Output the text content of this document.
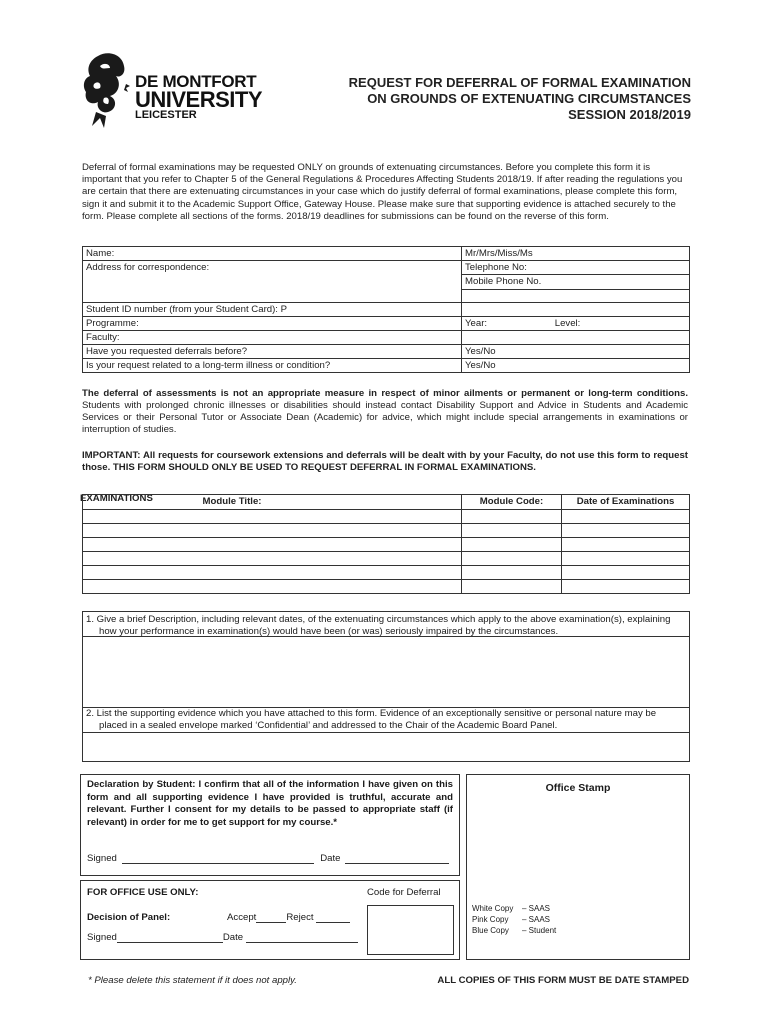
DE MONTFORT
UNIVERSITY
LEICESTER
REQUEST FOR DEFERRAL OF FORMAL EXAMINATION
ON GROUNDS OF EXTENUATING CIRCUMSTANCES
SESSION 2018/2019
Deferral of formal examinations may be requested ONLY on grounds of extenuating circumstances. Before you complete this form it is important that you refer to Chapter 5 of the General Regulations & Procedures Affecting Students 2018/19. If after reading the regulations you are certain that there are extenuating circumstances in your case which do justify deferral of formal examinations, please complete this form, sign it and submit it to the Academic Support Office, Gateway House. Please make sure that supporting evidence is attached securely to the form. Please complete all sections of the forms. 2018/19 deadlines for submissions can be found on the reverse of this form.
Name:	Mr/Mrs/Miss/Ms
Address for correspondence:	Telephone No:
	Mobile Phone No.

Student ID number (from your Student Card): P	
Programme:	Year: Level:
Faculty:	
Have you requested deferrals before?	Yes/No
Is your request related to a long-term illness or condition?	Yes/No
The deferral of assessments is not an appropriate measure in respect of minor ailments or permanent or long-term conditions. Students with prolonged chronic illnesses or disabilities should instead contact Disability Support and Advice in Students and Academic Services or their Personal Tutor or Associate Dean (Academic) for advice, which might include special arrangements in examinations or interruption of studies.
IMPORTANT: All requests for coursework extensions and deferrals will be dealt with by your Faculty, do not use this form to request those. THIS FORM SHOULD ONLY BE USED TO REQUEST DEFERRAL IN FORMAL EXAMINATIONS.
EXAMINATIONS	Module Title:	Module Code:	Date of Examinations

1. Give a brief Description, including relevant dates, of the extenuating circumstances which apply to the above examination(s), explaining how your performance in examination(s) would have been (or was) seriously impaired by the circumstances.
2. List the supporting evidence which you have attached to this form. Evidence of an exceptionally sensitive or personal nature may be placed in a sealed envelope marked ‘Confidential’ and addressed to the Chair of the Academic Board Panel.
Declaration by Student: I confirm that all of the information I have given on this form and all supporting evidence I have provided is truthful, accurate and relevant. Further I consent for my details to be passed to appropriate staff (if relevant) in order for me to get support for my course.*
Signed	Date
Office Stamp
White Copy – SAAS
Pink Copy – SAAS
Blue Copy – Student
FOR OFFICE USE ONLY:	Code for Deferral
Decision of Panel:	Accept	Reject
Signed	Date
* Please delete this statement if it does not apply.	ALL COPIES OF THIS FORM MUST BE DATE STAMPED
